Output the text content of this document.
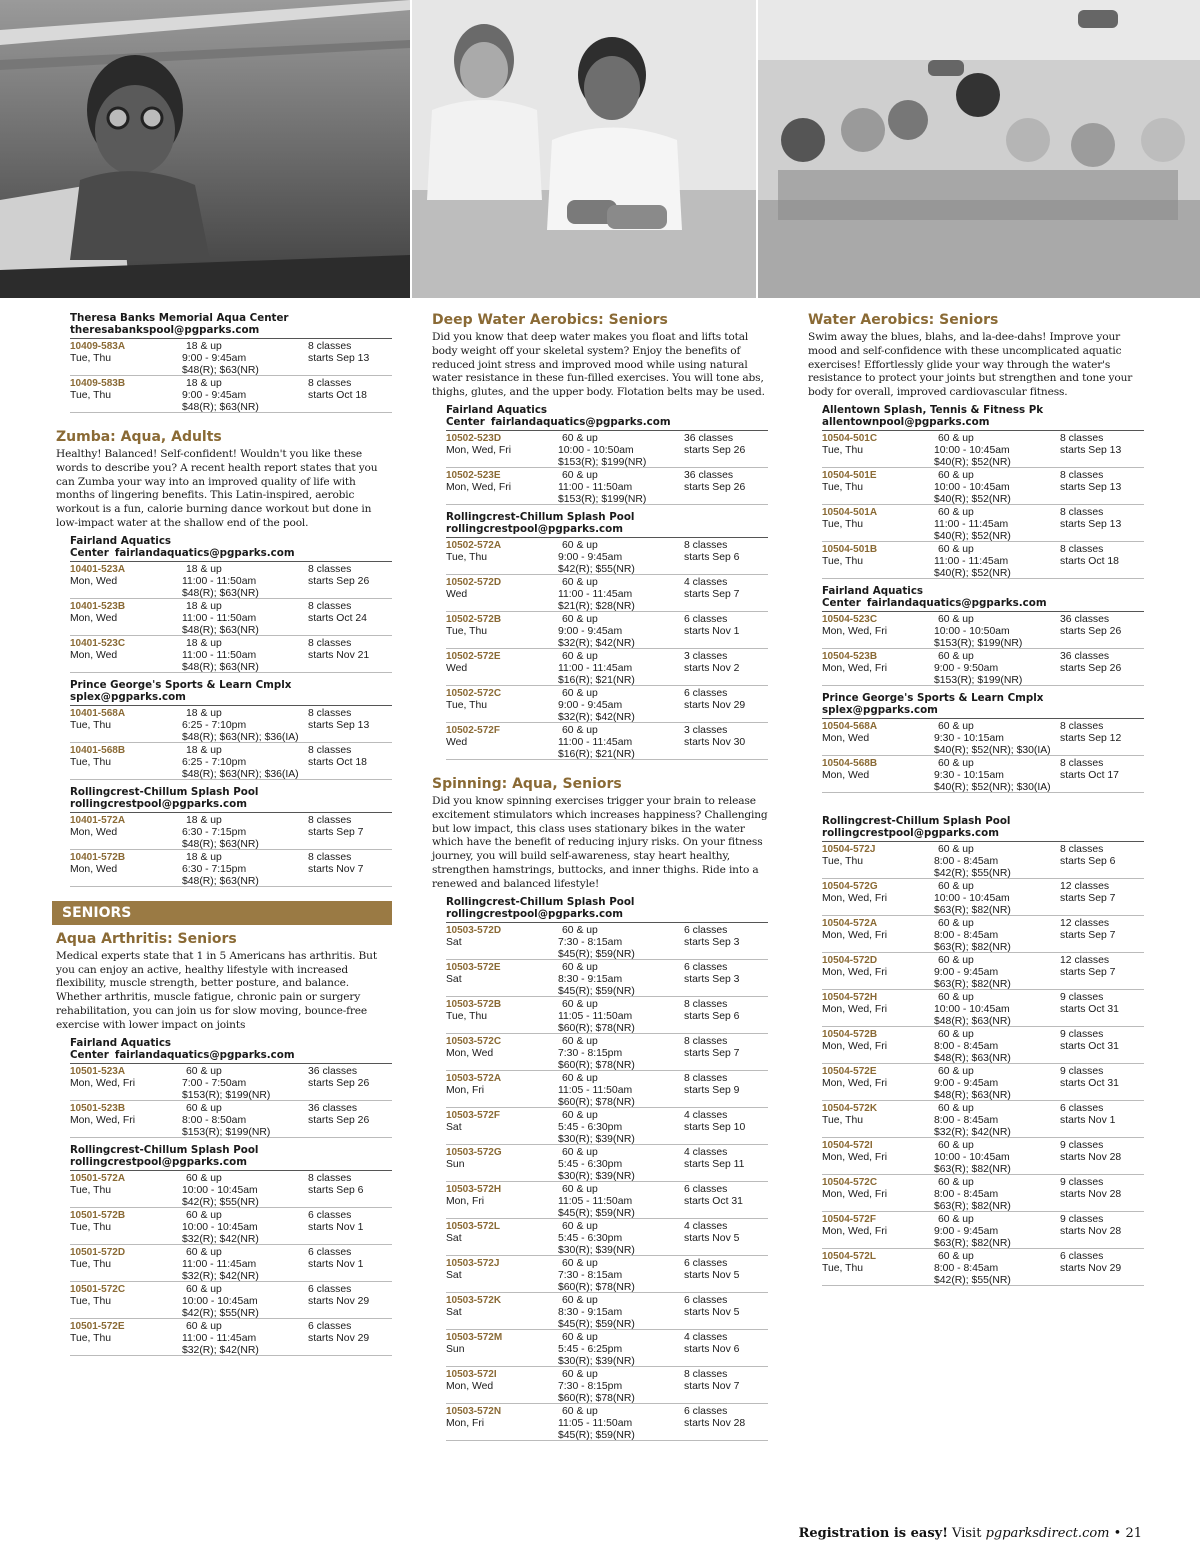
Theresa Banks Memorial Aqua Center
theresabankspool@pgparks.com
10409-583A
Tue, Thu
18 & up
9:00 - 9:45am
$48(R); $63(NR)
8 classes
starts Sep 13
10409-583B
Tue, Thu
18 & up
9:00 - 9:45am
$48(R); $63(NR)
8 classes
starts Oct 18
Zumba: Aqua, Adults
Healthy! Balanced! Self-confident! Wouldn't you like these words to describe you? A recent health report states that you can Zumba your way into an improved quality of life with months of lingering benefits. This Latin-inspired, aerobic workout is a fun, calorie burning dance workout but done in low-impact water at the shallow end of the pool.
Fairland Aquatics Center fairlandaquatics@pgparks.com
10401-523A
Mon, Wed
18 & up
11:00 - 11:50am
$48(R); $63(NR)
8 classes
starts Sep 26
10401-523B
Mon, Wed
18 & up
11:00 - 11:50am
$48(R); $63(NR)
8 classes
starts Oct 24
10401-523C
Mon, Wed
18 & up
11:00 - 11:50am
$48(R); $63(NR)
8 classes
starts Nov 21
Prince George's Sports & Learn Cmplx
splex@pgparks.com
10401-568A
Tue, Thu
18 & up
6:25 - 7:10pm
$48(R); $63(NR); $36(IA)
8 classes
starts Sep 13
10401-568B
Tue, Thu
18 & up
6:25 - 7:10pm
$48(R); $63(NR); $36(IA)
8 classes
starts Oct 18
Rollingcrest-Chillum Splash Pool
rollingcrestpool@pgparks.com
10401-572A
Mon, Wed
18 & up
6:30 - 7:15pm
$48(R); $63(NR)
8 classes
starts Sep 7
10401-572B
Mon, Wed
18 & up
6:30 - 7:15pm
$48(R); $63(NR)
8 classes
starts Nov 7
SENIORS
Aqua Arthritis: Seniors
Medical experts state that 1 in 5 Americans has arthritis. But you can enjoy an active, healthy lifestyle with increased flexibility, muscle strength, better posture, and balance. Whether arthritis, muscle fatigue, chronic pain or surgery rehabilitation, you can join us for slow moving, bounce-free exercise with lower impact on joints
Fairland Aquatics Center fairlandaquatics@pgparks.com
10501-523A
Mon, Wed, Fri
60 & up
7:00 - 7:50am
$153(R); $199(NR)
36 classes
starts Sep 26
10501-523B
Mon, Wed, Fri
60 & up
8:00 - 8:50am
$153(R); $199(NR)
36 classes
starts Sep 26
Rollingcrest-Chillum Splash Pool
rollingcrestpool@pgparks.com
10501-572A
Tue, Thu
60 & up
10:00 - 10:45am
$42(R); $55(NR)
8 classes
starts Sep 6
10501-572B
Tue, Thu
60 & up
10:00 - 10:45am
$32(R); $42(NR)
6 classes
starts Nov 1
10501-572D
Tue, Thu
60 & up
11:00 - 11:45am
$32(R); $42(NR)
6 classes
starts Nov 1
10501-572C
Tue, Thu
60 & up
10:00 - 10:45am
$42(R); $55(NR)
6 classes
starts Nov 29
10501-572E
Tue, Thu
60 & up
11:00 - 11:45am
$32(R); $42(NR)
6 classes
starts Nov 29
Deep Water Aerobics: Seniors
Did you know that deep water makes you float and lifts total body weight off your skeletal system? Enjoy the benefits of reduced joint stress and improved mood while using natural water resistance in these fun-filled exercises. You will tone abs, thighs, glutes, and the upper body. Flotation belts may be used.
Fairland Aquatics Center fairlandaquatics@pgparks.com
10502-523D
Mon, Wed, Fri
60 & up
10:00 - 10:50am
$153(R); $199(NR)
36 classes
starts Sep 26
10502-523E
Mon, Wed, Fri
60 & up
11:00 - 11:50am
$153(R); $199(NR)
36 classes
starts Sep 26
Rollingcrest-Chillum Splash Pool
rollingcrestpool@pgparks.com
10502-572A
Tue, Thu
60 & up
9:00 - 9:45am
$42(R); $55(NR)
8 classes
starts Sep 6
10502-572D
Wed
60 & up
11:00 - 11:45am
$21(R); $28(NR)
4 classes
starts Sep 7
10502-572B
Tue, Thu
60 & up
9:00 - 9:45am
$32(R); $42(NR)
6 classes
starts Nov 1
10502-572E
Wed
60 & up
11:00 - 11:45am
$16(R); $21(NR)
3 classes
starts Nov 2
10502-572C
Tue, Thu
60 & up
9:00 - 9:45am
$32(R); $42(NR)
6 classes
starts Nov 29
10502-572F
Wed
60 & up
11:00 - 11:45am
$16(R); $21(NR)
3 classes
starts Nov 30
Spinning: Aqua, Seniors
Did you know spinning exercises trigger your brain to release excitement stimulators which increases happiness? Challenging but low impact, this class uses stationary bikes in the water which have the benefit of reducing injury risks. On your fitness journey, you will build self-awareness, stay heart healthy, strengthen hamstrings, buttocks, and inner thighs. Ride into a renewed and balanced lifestyle!
Rollingcrest-Chillum Splash Pool
rollingcrestpool@pgparks.com
10503-572D
Sat
60 & up
7:30 - 8:15am
$45(R); $59(NR)
6 classes
starts Sep 3
10503-572E
Sat
60 & up
8:30 - 9:15am
$45(R); $59(NR)
6 classes
starts Sep 3
10503-572B
Tue, Thu
60 & up
11:05 - 11:50am
$60(R); $78(NR)
8 classes
starts Sep 6
10503-572C
Mon, Wed
60 & up
7:30 - 8:15pm
$60(R); $78(NR)
8 classes
starts Sep 7
10503-572A
Mon, Fri
60 & up
11:05 - 11:50am
$60(R); $78(NR)
8 classes
starts Sep 9
10503-572F
Sat
60 & up
5:45 - 6:30pm
$30(R); $39(NR)
4 classes
starts Sep 10
10503-572G
Sun
60 & up
5:45 - 6:30pm
$30(R); $39(NR)
4 classes
starts Sep 11
10503-572H
Mon, Fri
60 & up
11:05 - 11:50am
$45(R); $59(NR)
6 classes
starts Oct 31
10503-572L
Sat
60 & up
5:45 - 6:30pm
$30(R); $39(NR)
4 classes
starts Nov 5
10503-572J
Sat
60 & up
7:30 - 8:15am
$60(R); $78(NR)
6 classes
starts Nov 5
10503-572K
Sat
60 & up
8:30 - 9:15am
$45(R); $59(NR)
6 classes
starts Nov 5
10503-572M
Sun
60 & up
5:45 - 6:25pm
$30(R); $39(NR)
4 classes
starts Nov 6
10503-572I
Mon, Wed
60 & up
7:30 - 8:15pm
$60(R); $78(NR)
8 classes
starts Nov 7
10503-572N
Mon, Fri
60 & up
11:05 - 11:50am
$45(R); $59(NR)
6 classes
starts Nov 28
Water Aerobics: Seniors
Swim away the blues, blahs, and la-dee-dahs! Improve your mood and self-confidence with these uncomplicated aquatic exercises! Effortlessly glide your way through the water's resistance to protect your joints but strengthen and tone your body for overall, improved cardiovascular fitness.
Allentown Splash, Tennis & Fitness Pk
allentownpool@pgparks.com
10504-501C
Tue, Thu
60 & up
10:00 - 10:45am
$40(R); $52(NR)
8 classes
starts Sep 13
10504-501E
Tue, Thu
60 & up
10:00 - 10:45am
$40(R); $52(NR)
8 classes
starts Sep 13
10504-501A
Tue, Thu
60 & up
11:00 - 11:45am
$40(R); $52(NR)
8 classes
starts Sep 13
10504-501B
Tue, Thu
60 & up
11:00 - 11:45am
$40(R); $52(NR)
8 classes
starts Oct 18
Fairland Aquatics Center fairlandaquatics@pgparks.com
10504-523C
Mon, Wed, Fri
60 & up
10:00 - 10:50am
$153(R); $199(NR)
36 classes
starts Sep 26
10504-523B
Mon, Wed, Fri
60 & up
9:00 - 9:50am
$153(R); $199(NR)
36 classes
starts Sep 26
Prince George's Sports & Learn Cmplx
splex@pgparks.com
10504-568A
Mon, Wed
60 & up
9:30 - 10:15am
$40(R); $52(NR); $30(IA)
8 classes
starts Sep 12
10504-568B
Mon, Wed
60 & up
9:30 - 10:15am
$40(R); $52(NR); $30(IA)
8 classes
starts Oct 17
Rollingcrest-Chillum Splash Pool
rollingcrestpool@pgparks.com
10504-572J
Tue, Thu
60 & up
8:00 - 8:45am
$42(R); $55(NR)
8 classes
starts Sep 6
10504-572G
Mon, Wed, Fri
60 & up
10:00 - 10:45am
$63(R); $82(NR)
12 classes
starts Sep 7
10504-572A
Mon, Wed, Fri
60 & up
8:00 - 8:45am
$63(R); $82(NR)
12 classes
starts Sep 7
10504-572D
Mon, Wed, Fri
60 & up
9:00 - 9:45am
$63(R); $82(NR)
12 classes
starts Sep 7
10504-572H
Mon, Wed, Fri
60 & up
10:00 - 10:45am
$48(R); $63(NR)
9 classes
starts Oct 31
10504-572B
Mon, Wed, Fri
60 & up
8:00 - 8:45am
$48(R); $63(NR)
9 classes
starts Oct 31
10504-572E
Mon, Wed, Fri
60 & up
9:00 - 9:45am
$48(R); $63(NR)
9 classes
starts Oct 31
10504-572K
Tue, Thu
60 & up
8:00 - 8:45am
$32(R); $42(NR)
6 classes
starts Nov 1
10504-572I
Mon, Wed, Fri
60 & up
10:00 - 10:45am
$63(R); $82(NR)
9 classes
starts Nov 28
10504-572C
Mon, Wed, Fri
60 & up
8:00 - 8:45am
$63(R); $82(NR)
9 classes
starts Nov 28
10504-572F
Mon, Wed, Fri
60 & up
9:00 - 9:45am
$63(R); $82(NR)
9 classes
starts Nov 28
10504-572L
Tue, Thu
60 & up
8:00 - 8:45am
$42(R); $55(NR)
6 classes
starts Nov 29
Registration is easy! Visit pgparksdirect.com • 21
